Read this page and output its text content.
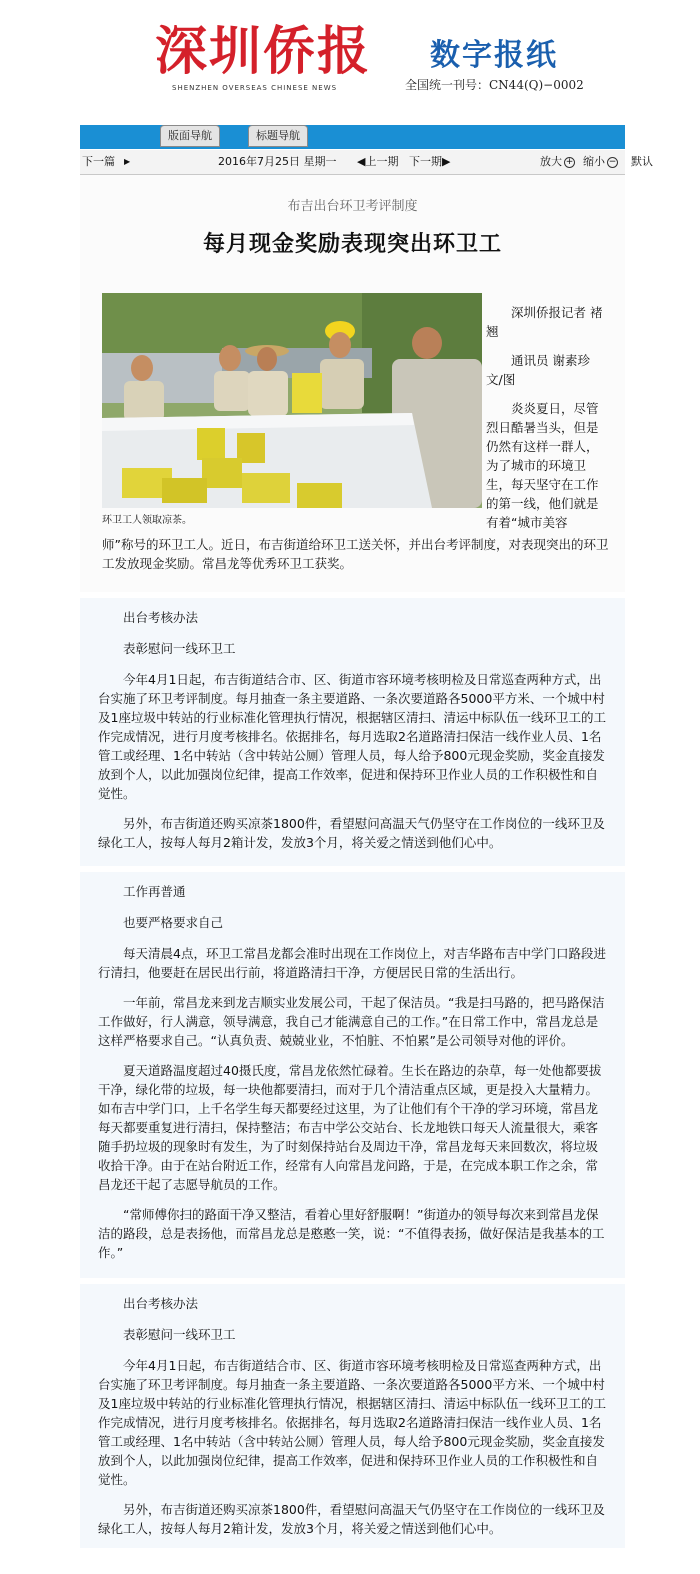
深圳侨报
SHENZHEN OVERSEAS CHINESE NEWS
数字报纸
全国统一刊号：CN44(Q)−0002
版面导航	标题导航
下一篇 ▶	2016年7月25日 星期一 ◀上一期 下一期▶	放大 + 缩小 − 默认
布吉出台环卫考评制度
每月现金奖励表现突出环卫工
环卫工人领取凉茶。

深圳侨报记者 褚翘

通讯员 谢素珍 文/图

炎炎夏日，尽管烈日酷暑当头，但是仍然有这样一群人，为了城市的环境卫生，每天坚守在工作的第一线，他们就是有着“城市美容

师”称号的环卫工人。近日，布吉街道给环卫工送关怀，并出台考评制度，对表现突出的环卫工发放现金奖励。常昌龙等优秀环卫工获奖。

出台考核办法

表彰慰问一线环卫工

今年4月1日起，布吉街道结合市、区、街道市容环境考核明检及日常巡查两种方式，出台实施了环卫考评制度。每月抽查一条主要道路、一条次要道路各5000平方米、一个城中村及1座垃圾中转站的行业标准化管理执行情况，根据辖区清扫、清运中标队伍一线环卫工的工作完成情况，进行月度考核排名。依据排名，每月选取2名道路清扫保洁一线作业人员、1名管工或经理、1名中转站（含中转站公厕）管理人员，每人给予800元现金奖励，奖金直接发放到个人，以此加强岗位纪律，提高工作效率，促进和保持环卫作业人员的工作积极性和自觉性。

另外，布吉街道还购买凉茶1800件，看望慰问高温天气仍坚守在工作岗位的一线环卫及绿化工人，按每人每月2箱计发，发放3个月，将关爱之情送到他们心中。

工作再普通

也要严格要求自己

每天清晨4点，环卫工常昌龙都会准时出现在工作岗位上，对吉华路布吉中学门口路段进行清扫，他要赶在居民出行前，将道路清扫干净，方便居民日常的生活出行。

一年前，常昌龙来到龙吉顺实业发展公司，干起了保洁员。“我是扫马路的，把马路保洁工作做好，行人满意，领导满意，我自己才能满意自己的工作。”在日常工作中，常昌龙总是这样严格要求自己。“认真负责、兢兢业业，不怕脏、不怕累”是公司领导对他的评价。

夏天道路温度超过40摄氏度，常昌龙依然忙碌着。生长在路边的杂草，每一处他都要拔干净，绿化带的垃圾，每一块他都要清扫，而对于几个清洁重点区域，更是投入大量精力。如布吉中学门口，上千名学生每天都要经过这里，为了让他们有个干净的学习环境，常昌龙每天都要重复进行清扫，保持整洁；布吉中学公交站台、长龙地铁口每天人流量很大，乘客随手扔垃圾的现象时有发生，为了时刻保持站台及周边干净，常昌龙每天来回数次，将垃圾收拾干净。由于在站台附近工作，经常有人向常昌龙问路，于是，在完成本职工作之余，常昌龙还干起了志愿导航员的工作。

“常师傅你扫的路面干净又整洁，看着心里好舒服啊！”街道办的领导每次来到常昌龙保洁的路段，总是表扬他，而常昌龙总是憨憨一笑，说：“不值得表扬，做好保洁是我基本的工作。”

出台考核办法

表彰慰问一线环卫工

今年4月1日起，布吉街道结合市、区、街道市容环境考核明检及日常巡查两种方式，出台实施了环卫考评制度。每月抽查一条主要道路、一条次要道路各5000平方米、一个城中村及1座垃圾中转站的行业标准化管理执行情况，根据辖区清扫、清运中标队伍一线环卫工的工作完成情况，进行月度考核排名。依据排名，每月选取2名道路清扫保洁一线作业人员、1名管工或经理、1名中转站（含中转站公厕）管理人员，每人给予800元现金奖励，奖金直接发放到个人，以此加强岗位纪律，提高工作效率，促进和保持环卫作业人员的工作积极性和自觉性。

另外，布吉街道还购买凉茶1800件，看望慰问高温天气仍坚守在工作岗位的一线环卫及绿化工人，按每人每月2箱计发，发放3个月，将关爱之情送到他们心中。
